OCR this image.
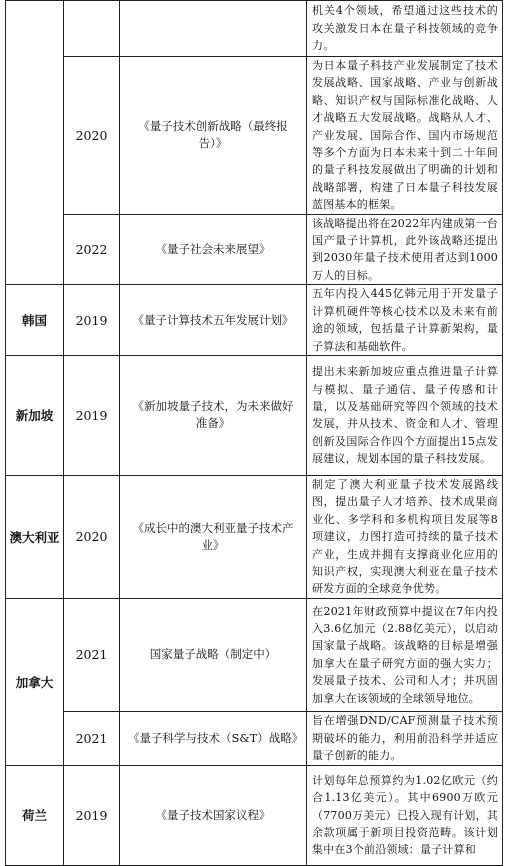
			机关4个领域，希望通过这些技术的攻关激发日本在量子科技领域的竞争力。
	2020	《量子技术创新战略（最终报告）》	为日本量子科技产业发展制定了技术发展战略、国家战略、产业与创新战略、知识产权与国际标准化战略、人才战略五大发展战略。战略从人才、产业发展、国际合作、国内市场规范等多个方面为日本未来十到二十年间的量子科技发展做出了明确的计划和战略部署，构建了日本量子科技发展蓝图基本的框架。
	2022	《量子社会未来展望》	该战略提出将在2022年内建成第一台国产量子计算机，此外该战略还提出到2030年量子技术使用者达到1000万人的目标。
韩国	2019	《量子计算技术五年发展计划》	五年内投入445亿韩元用于开发量子计算机硬件等核心技术以及未来有前途的领域，包括量子计算新架构，量子算法和基础软件。
新加坡	2019	《新加坡量子技术，为未来做好准备》	提出未来新加坡应重点推进量子计算与模拟、量子通信、量子传感和计量，以及基础研究等四个领域的技术发展，并从技术、资金和人才、管理创新及国际合作四个方面提出15点发展建议，规划本国的量子科技发展。
澳大利亚	2020	《成长中的澳大利亚量子技术产业》	制定了澳大利亚量子技术发展路线图，提出量子人才培养、技术成果商业化、多学科和多机构项目发展等8项建议，力图打造可持续的量子技术产业，生成并拥有支撑商业化应用的知识产权，实现澳大利亚在量子技术研发方面的全球竞争优势。
加拿大	2021	国家量子战略（制定中）	在2021年财政预算中提议在7年内投入3.6亿加元（2.88亿美元），以启动国家量子战略。该战略的目标是增强加拿大在量子研究方面的强大实力；发展量子技术、公司和人才；并巩固加拿大在该领域的全球领导地位。
	2021	《量子科学与技术（S&T）战略》	旨在增强DND/CAF预测量子技术预期破坏的能力，利用前沿科学并适应量子创新的能力。
荷兰	2019	《量子技术国家议程》	计划每年总预算约为1.02亿欧元（约合1.13亿美元）。其中6900万欧元（7700万美元）已投入现有计划，其余款项属于新项目投资范畴。该计划集中在3个前沿领域：量子计算和
